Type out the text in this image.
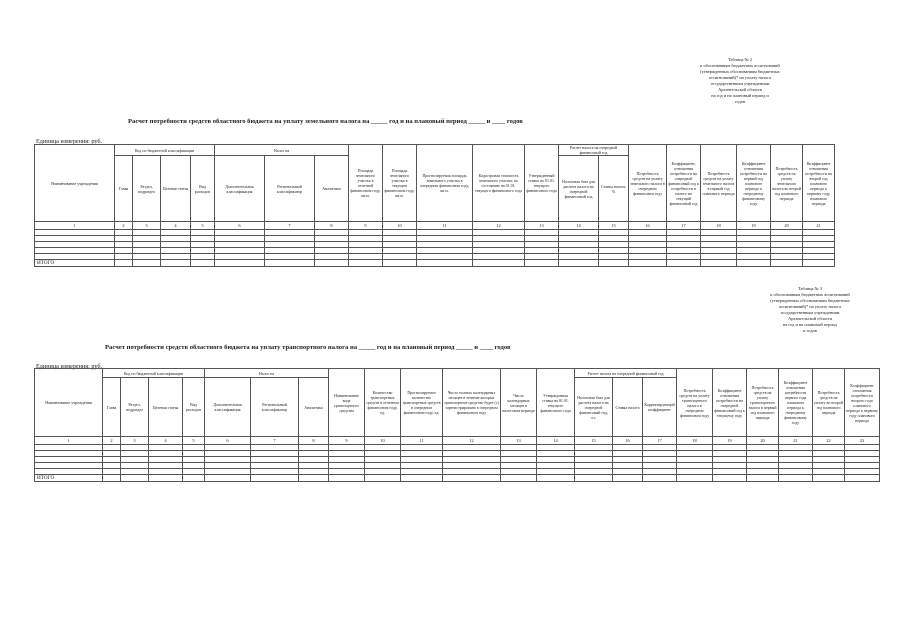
Таблица № 2
к обоснованиям бюджетных ассигнований
(утвержденных обоснованиям бюджетных
ассигнований)* на уплату налога
государственным учреждениям
Архангельской области
на год и на плановый период и
годов
Расчет потребности средств областного бюджета на уплату земельного налога на _____ год и на плановый период _____ и ____ годов
Единица измерения: руб.
Наименование учреждения	Код по бюджетной классификации				Налог на			Площадь земельного участка в отчетной финансовом году, кв.м.	Площадь земельного участка в текущем финансовом году, кв.м.	Прогнозируемая площадь земельного участка в очередном финансовом году, кв.м.	Кадастровая стоимость земельного участка, по состоянию на 01.01. текущего финансового года	Утвержденный ставка по 01.01. текущего финансового года	Расчет налога на очередной финансовый год		Потребность средств на уплату земельного налога в очередном финансовом году	Коэффициент, отношения потребности на очередной финансовый год к потребности в налоге на текущий финансовый год	Потребность средств на уплату земельного налога в первый год планового периода	Коэффициент отношения потребности на первый год планового периода к очередному финансовому году	Потребность средств на уплату земельного налога во второй год планового периода	Коэффициент отношения потребности на второй год планового периода к первому году планового периода
	Глава	Раздел, подраздел	Целевая статья	Вид расходов	Дополнительная классификация	Региональный классификатор	Аналитика						Налоговая база для расчета налога на очередной финансовый год	Ставка налога, %						

1	2	3	4	5	6	7	8	9	10	11	12	13	14	15	16	17	18	19	20	21

ИТОГО																				
Таблица № 3
к обоснованиям бюджетных ассигнований
(утвержденных обоснованиям бюджетных
ассигнований)* на уплату налога
государственным учреждениям
Архангельской области
на год и на плановый период
и годов
Расчет потребности средств областного бюджета на уплату транспортного налога на _____ год и на плановый период _____ и ____ годов
Единица измерения: руб.
Наименование учреждения	Код по бюджетной классификации				Налог на			Наименование вида транспортного средства	Количество транспортных средств в отчетном финансовом году, ед.	Прогнозируемое количество транспортных средств в очередном финансовом году, ед.	Число полных календарных месяцев в течение которых транспортное средство будет (с) зарегистрировано в очередном финансовом году	Число календарных месяцев в налоговом периоде	Утвержденная ставка на 01.01. текущего финансового года	Расчет налога на очередной финансовый год			Потребность средств на уплату транспортного налога в очередном финансовом году	Коэффициент отношения потребности на очередной финансовый год к текущему году	Потребность средств на уплату транспортного налога в первый год планового периода	Коэффициент отношения потребности первого года планового периода к очередному финансовому году	Потребность средств на уплату во второй год планового периода	Коэффициент отношения потребности второго года планового периода к первому году планового периода
	Глава	Раздел, подраздел	Целевая статья	Вид расходов	Дополнительная классификация	Региональный классификатор	Аналитика							Налоговая база для расчета налога на очередной финансовый год, л.с.	Ставка налога	Корректирующий коэффициент						

1	2	3	4	5	6	7	8	9	10	11	12	13	14	15	16	17	18	19	20	21	22	23

ИТОГО																						
